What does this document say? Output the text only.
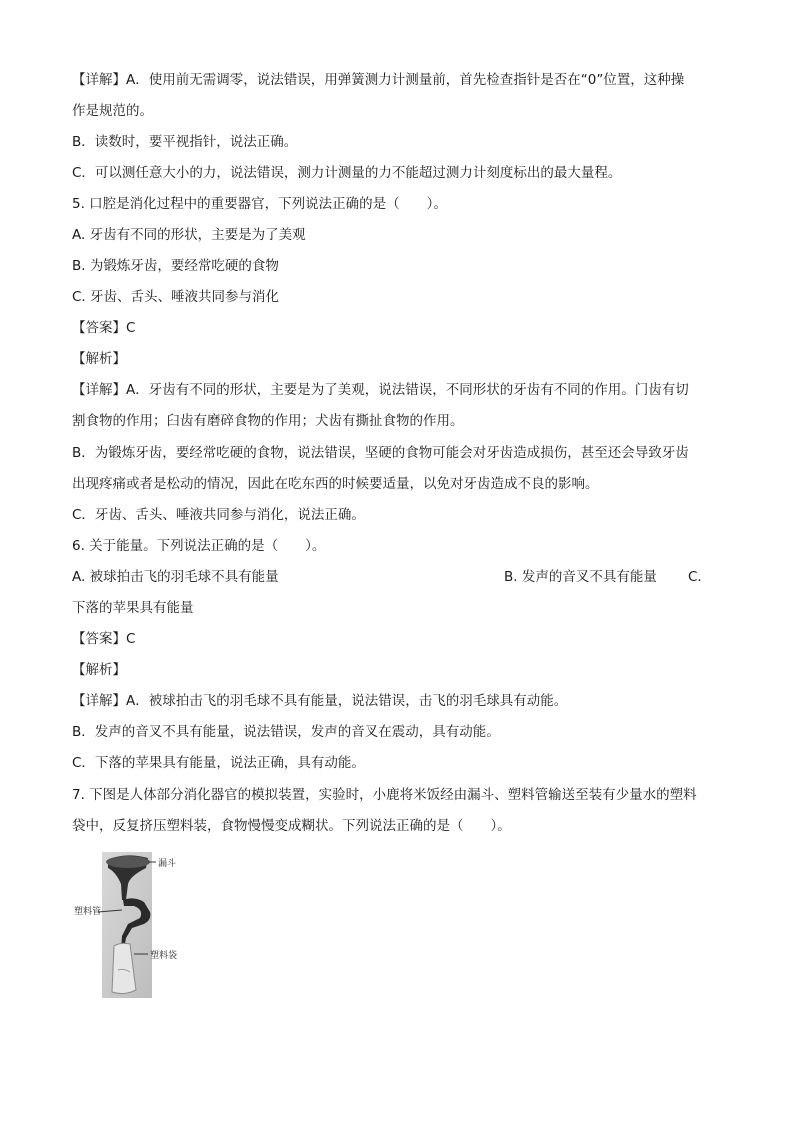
【详解】A．使用前无需调零，说法错误，用弹簧测力计测量前，首先检查指针是否在“0”位置，这种操
作是规范的。
B．读数时，要平视指针，说法正确。
C．可以测任意大小的力，说法错误，测力计测量的力不能超过测力计刻度标出的最大量程。
5. 口腔是消化过程中的重要器官，下列说法正确的是（　　）。
A. 牙齿有不同的形状，主要是为了美观
B. 为锻炼牙齿，要经常吃硬的食物
C. 牙齿、舌头、唾液共同参与消化
【答案】C
【解析】
【详解】A．牙齿有不同的形状，主要是为了美观，说法错误，不同形状的牙齿有不同的作用。门齿有切
割食物的作用；臼齿有磨碎食物的作用；犬齿有撕扯食物的作用。
B．为锻炼牙齿，要经常吃硬的食物，说法错误，坚硬的食物可能会对牙齿造成损伤，甚至还会导致牙齿
出现疼痛或者是松动的情况，因此在吃东西的时候要适量，以免对牙齿造成不良的影响。
C．牙齿、舌头、唾液共同参与消化，说法正确。
6. 关于能量。下列说法正确的是（　　）。
A. 被球拍击飞的羽毛球不具有能量	B. 发声的音叉不具有能量 C.
下落的苹果具有能量
【答案】C
【解析】
【详解】A．被球拍击飞的羽毛球不具有能量，说法错误，击飞的羽毛球具有动能。
B．发声的音叉不具有能量，说法错误，发声的音叉在震动，具有动能。
C．下落的苹果具有能量，说法正确，具有动能。
7. 下图是人体部分消化器官的模拟装置，实验时，小鹿将米饭经由漏斗、塑料管输送至装有少量水的塑料
袋中，反复挤压塑料装，食物慢慢变成糊状。下列说法正确的是（　　）。
漏斗
塑料管
塑料袋
